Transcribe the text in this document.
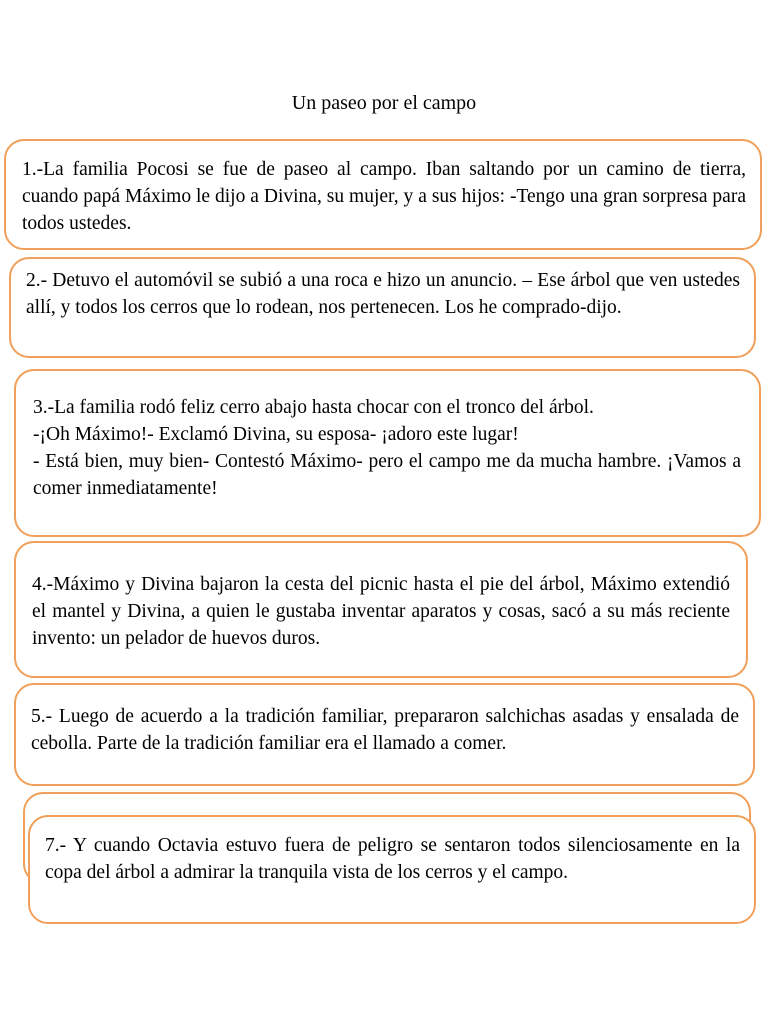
Un paseo por el campo

1.-La familia Pocosi se fue de paseo al campo. Iban saltando por un camino de tierra, cuando papá Máximo le dijo a Divina, su mujer, y a sus hijos: -Tengo una gran sorpresa para todos ustedes.

2.- Detuvo el automóvil se subió a una roca e hizo un anuncio. – Ese árbol que ven ustedes allí, y todos los cerros que lo rodean, nos pertenecen. Los he comprado-dijo.

3.-La familia rodó feliz cerro abajo hasta chocar con el tronco del árbol.
-¡Oh Máximo!- Exclamó Divina, su esposa- ¡adoro este lugar!
- Está bien, muy bien- Contestó Máximo- pero el campo me da mucha hambre. ¡Vamos a comer inmediatamente!

4.-Máximo y Divina bajaron la cesta del picnic hasta el pie del árbol, Máximo extendió el mantel y Divina, a quien le gustaba inventar aparatos y cosas, sacó a su más reciente invento: un pelador de huevos duros.

5.- Luego de acuerdo a la tradición familiar, prepararon salchichas asadas y ensalada de cebolla. Parte de la tradición familiar era el llamado a comer.

7.- Y cuando Octavia estuvo fuera de peligro se sentaron todos silenciosamente en la copa del árbol a admirar la tranquila vista de los cerros y el campo.
